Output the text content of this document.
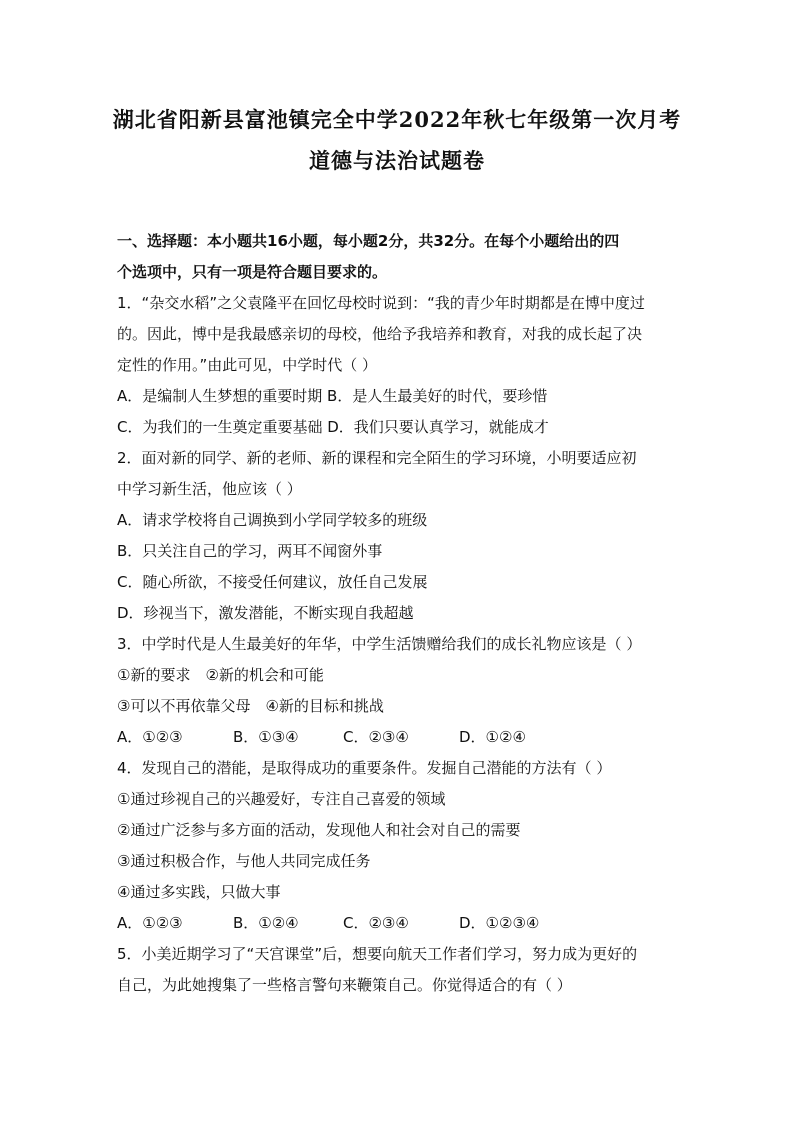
湖北省阳新县富池镇完全中学2022年秋七年级第一次月考
道德与法治试题卷
一、选择题：本小题共16小题，每小题2分，共32分。在每个小题给出的四
个选项中，只有一项是符合题目要求的。
1．“杂交水稻”之父袁隆平在回忆母校时说到：“我的青少年时期都是在博中度过
的。因此，博中是我最感亲切的母校，他给予我培养和教育，对我的成长起了决
定性的作用。”由此可见，中学时代（ ）
A．是编制人生梦想的重要时期 B．是人生最美好的时代，要珍惜
C．为我们的一生奠定重要基础 D．我们只要认真学习，就能成才
2．面对新的同学、新的老师、新的课程和完全陌生的学习环境，小明要适应初
中学习新生活，他应该（ ）
A．请求学校将自己调换到小学同学较多的班级
B．只关注自己的学习，两耳不闻窗外事
C．随心所欲，不接受任何建议，放任自己发展
D．珍视当下，激发潜能，不断实现自我超越
3．中学时代是人生最美好的年华，中学生活馈赠给我们的成长礼物应该是（ ）
①新的要求　②新的机会和可能
③可以不再依靠父母　④新的目标和挑战
A．①②③	B．①③④	C．②③④	D．①②④
4．发现自己的潜能，是取得成功的重要条件。发掘自己潜能的方法有（ ）
①通过珍视自己的兴趣爱好，专注自己喜爱的领域
②通过广泛参与多方面的活动，发现他人和社会对自己的需要
③通过积极合作，与他人共同完成任务
④通过多实践，只做大事
A．①②③	B．①②④	C．②③④	D．①②③④
5．小美近期学习了“天宫课堂”后，想要向航天工作者们学习，努力成为更好的
自己，为此她搜集了一些格言警句来鞭策自己。你觉得适合的有（ ）
